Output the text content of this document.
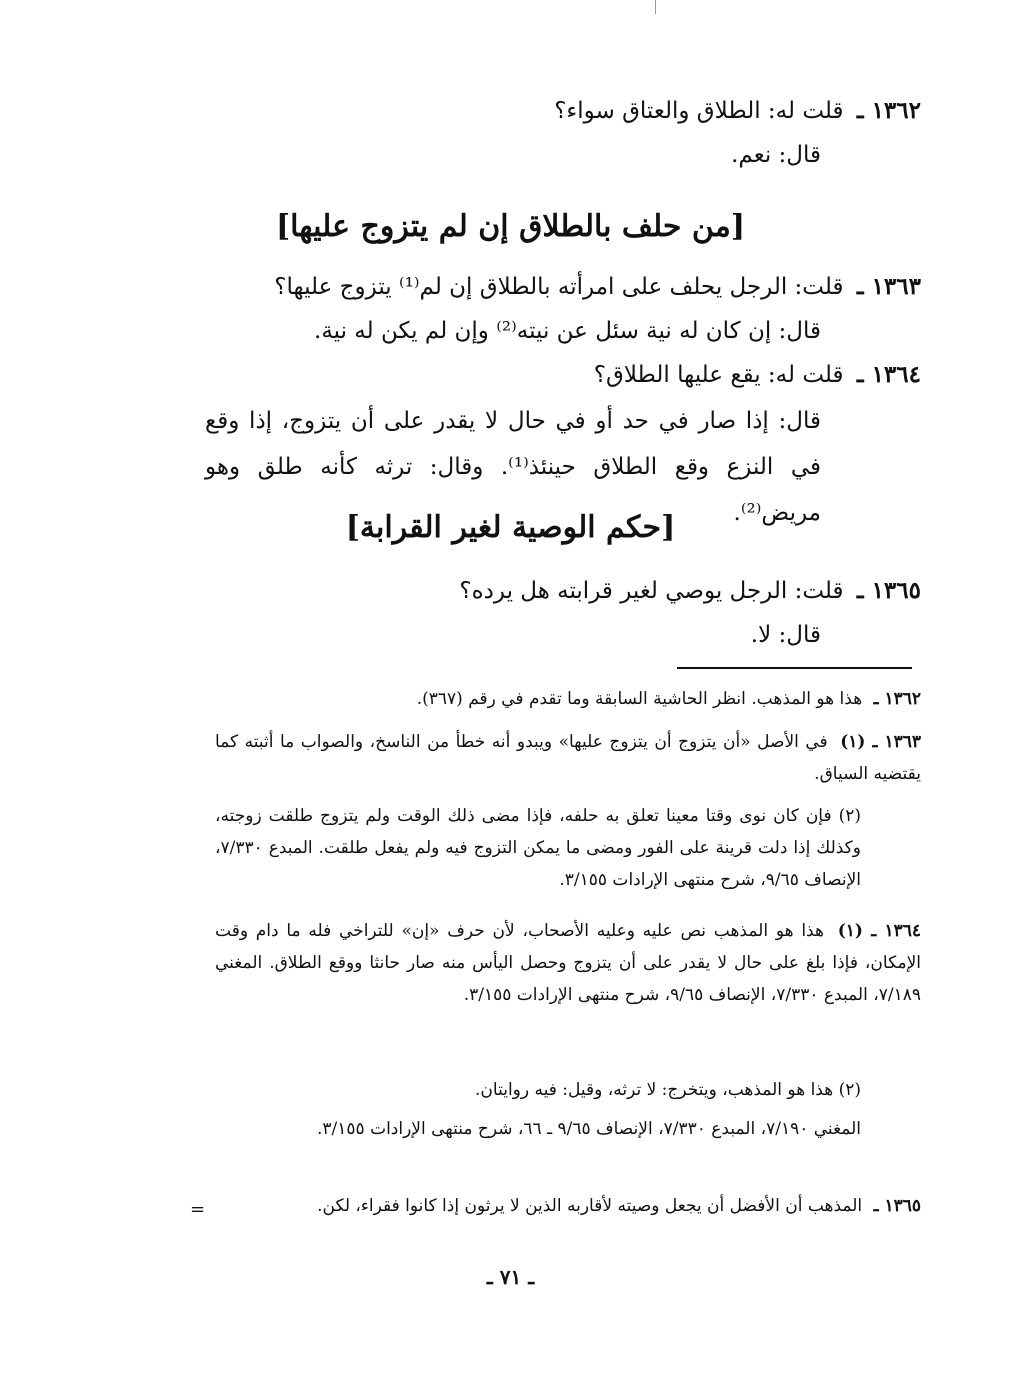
١٣٦٢ ـ قلت له: الطلاق والعتاق سواء؟
قال: نعم.
[من حلف بالطلاق إن لم يتزوج عليها]
١٣٦٣ ـ قلت: الرجل يحلف على امرأته بالطلاق إن لم⁽¹⁾ يتزوج عليها؟
قال: إن كان له نية سئل عن نيته⁽²⁾ وإن لم يكن له نية.
١٣٦٤ ـ قلت له: يقع عليها الطلاق؟
قال: إذا صار في حد أو في حال لا يقدر على أن يتزوج، إذا وقع في النزع وقع الطلاق حينئذ⁽¹⁾. وقال: ترثه كأنه طلق وهو مريض⁽²⁾.
[حكم الوصية لغير القرابة]
١٣٦٥ ـ قلت: الرجل يوصي لغير قرابته هل يرده؟
قال: لا.
١٣٦٢ ـ هذا هو المذهب. انظر الحاشية السابقة وما تقدم في رقم (٣٦٧).
١٣٦٣ ـ (١) في الأصل «أن يتزوج أن يتزوج عليها» ويبدو أنه خطأ من الناسخ، والصواب ما أثبته كما يقتضيه السياق.
(٢) فإن كان نوى وقتا معينا تعلق به حلفه، فإذا مضى ذلك الوقت ولم يتزوج طلقت زوجته، وكذلك إذا دلت قرينة على الفور ومضى ما يمكن التزوج فيه ولم يفعل طلقت. المبدع ٧/٣٣٠، الإنصاف ٩/٦٥، شرح منتهى الإرادات ٣/١٥٥.
١٣٦٤ ـ (١) هذا هو المذهب نص عليه وعليه الأصحاب، لأن حرف «إن» للتراخي فله ما دام وقت الإمكان، فإذا بلغ على حال لا يقدر على أن يتزوج وحصل اليأس منه صار حانثا ووقع الطلاق. المغني ٧/١٨٩، المبدع ٧/٣٣٠، الإنصاف ٩/٦٥، شرح منتهى الإرادات ٣/١٥٥.
(٢) هذا هو المذهب، ويتخرج: لا ترثه، وقيل: فيه روايتان.
المغني ٧/١٩٠، المبدع ٧/٣٣٠، الإنصاف ٩/٦٥ ـ ٦٦، شرح منتهى الإرادات ٣/١٥٥.
١٣٦٥ ـ المذهب أن الأفضل أن يجعل وصيته لأقاربه الذين لا يرثون إذا كانوا فقراء، لكن.
=
ـ ٧١ ـ
